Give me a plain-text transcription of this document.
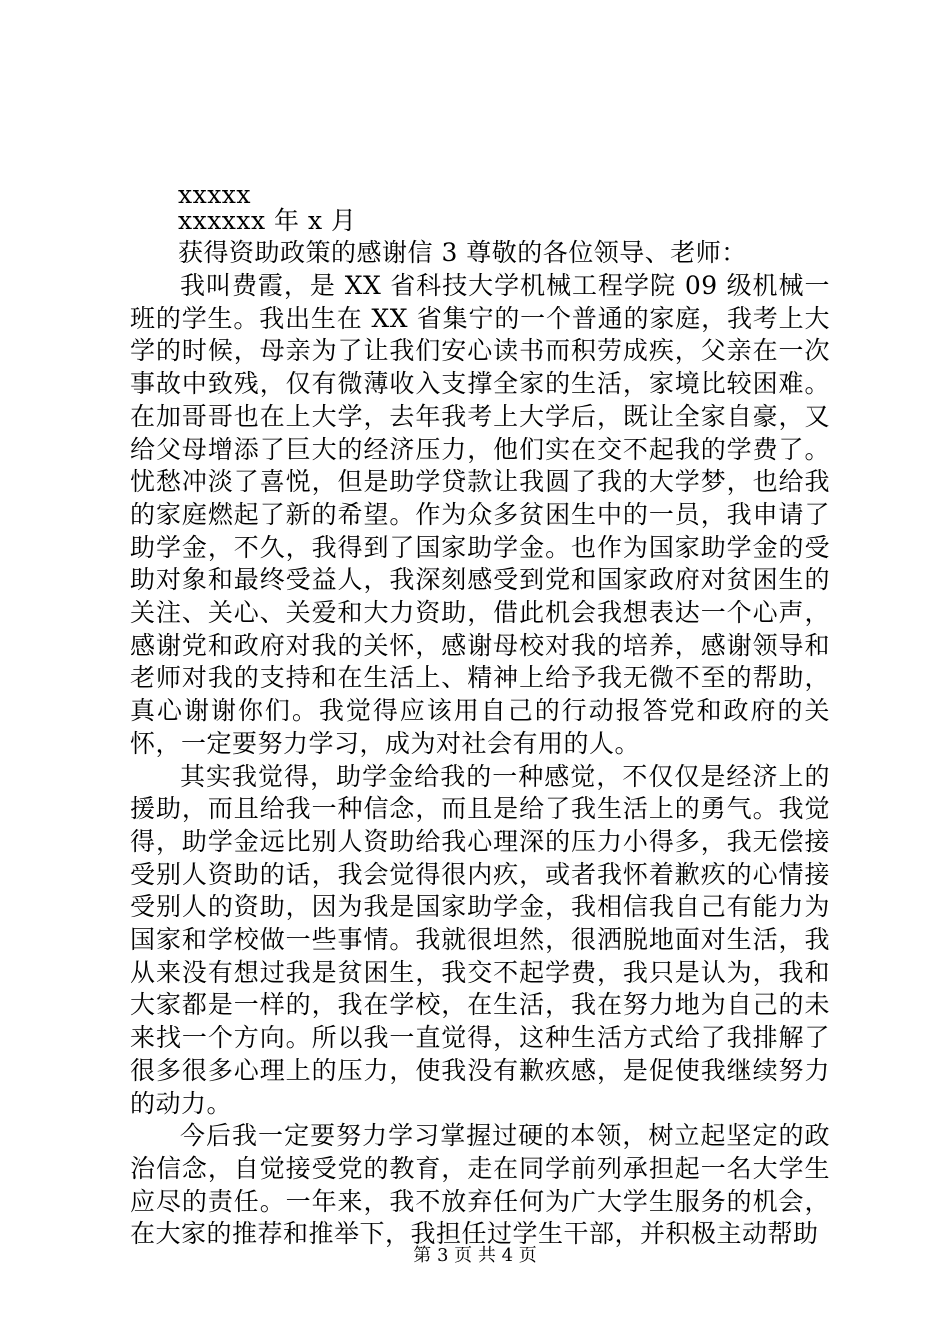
xxxxx
xxxxxx 年 x 月
获得资助政策的感谢信 3 尊敬的各位领导、老师：

我叫费霞，是 XX 省科技大学机械工程学院 09 级机械一班的学生。我出生在 XX 省集宁的一个普通的家庭，我考上大学的时候，母亲为了让我们安心读书而积劳成疾，父亲在一次事故中致残，仅有微薄收入支撑全家的生活，家境比较困难。在加哥哥也在上大学，去年我考上大学后，既让全家自豪，又给父母增添了巨大的经济压力，他们实在交不起我的学费了。忧愁冲淡了喜悦，但是助学贷款让我圆了我的大学梦，也给我的家庭燃起了新的希望。作为众多贫困生中的一员，我申请了助学金，不久，我得到了国家助学金。也作为国家助学金的受助对象和最终受益人，我深刻感受到党和国家政府对贫困生的关注、关心、关爱和大力资助，借此机会我想表达一个心声，感谢党和政府对我的关怀，感谢母校对我的培养，感谢领导和老师对我的支持和在生活上、精神上给予我无微不至的帮助，真心谢谢你们。我觉得应该用自己的行动报答党和政府的关怀，一定要努力学习，成为对社会有用的人。

其实我觉得，助学金给我的一种感觉，不仅仅是经济上的援助，而且给我一种信念，而且是给了我生活上的勇气。我觉得，助学金远比别人资助给我心理深的压力小得多，我无偿接受别人资助的话，我会觉得很内疚，或者我怀着歉疚的心情接受别人的资助，因为我是国家助学金，我相信我自己有能力为国家和学校做一些事情。我就很坦然，很洒脱地面对生活，我从来没有想过我是贫困生，我交不起学费，我只是认为，我和大家都是一样的，我在学校，在生活，我在努力地为自己的未来找一个方向。所以我一直觉得，这种生活方式给了我排解了很多很多心理上的压力，使我没有歉疚感，是促使我继续努力的动力。

今后我一定要努力学习掌握过硬的本领，树立起坚定的政治信念，自觉接受党的教育，走在同学前列承担起一名大学生应尽的责任。一年来，我不放弃任何为广大学生服务的机会，在大家的推荐和推举下，我担任过学生干部，并积极主动帮助

第 3 页 共 4 页
